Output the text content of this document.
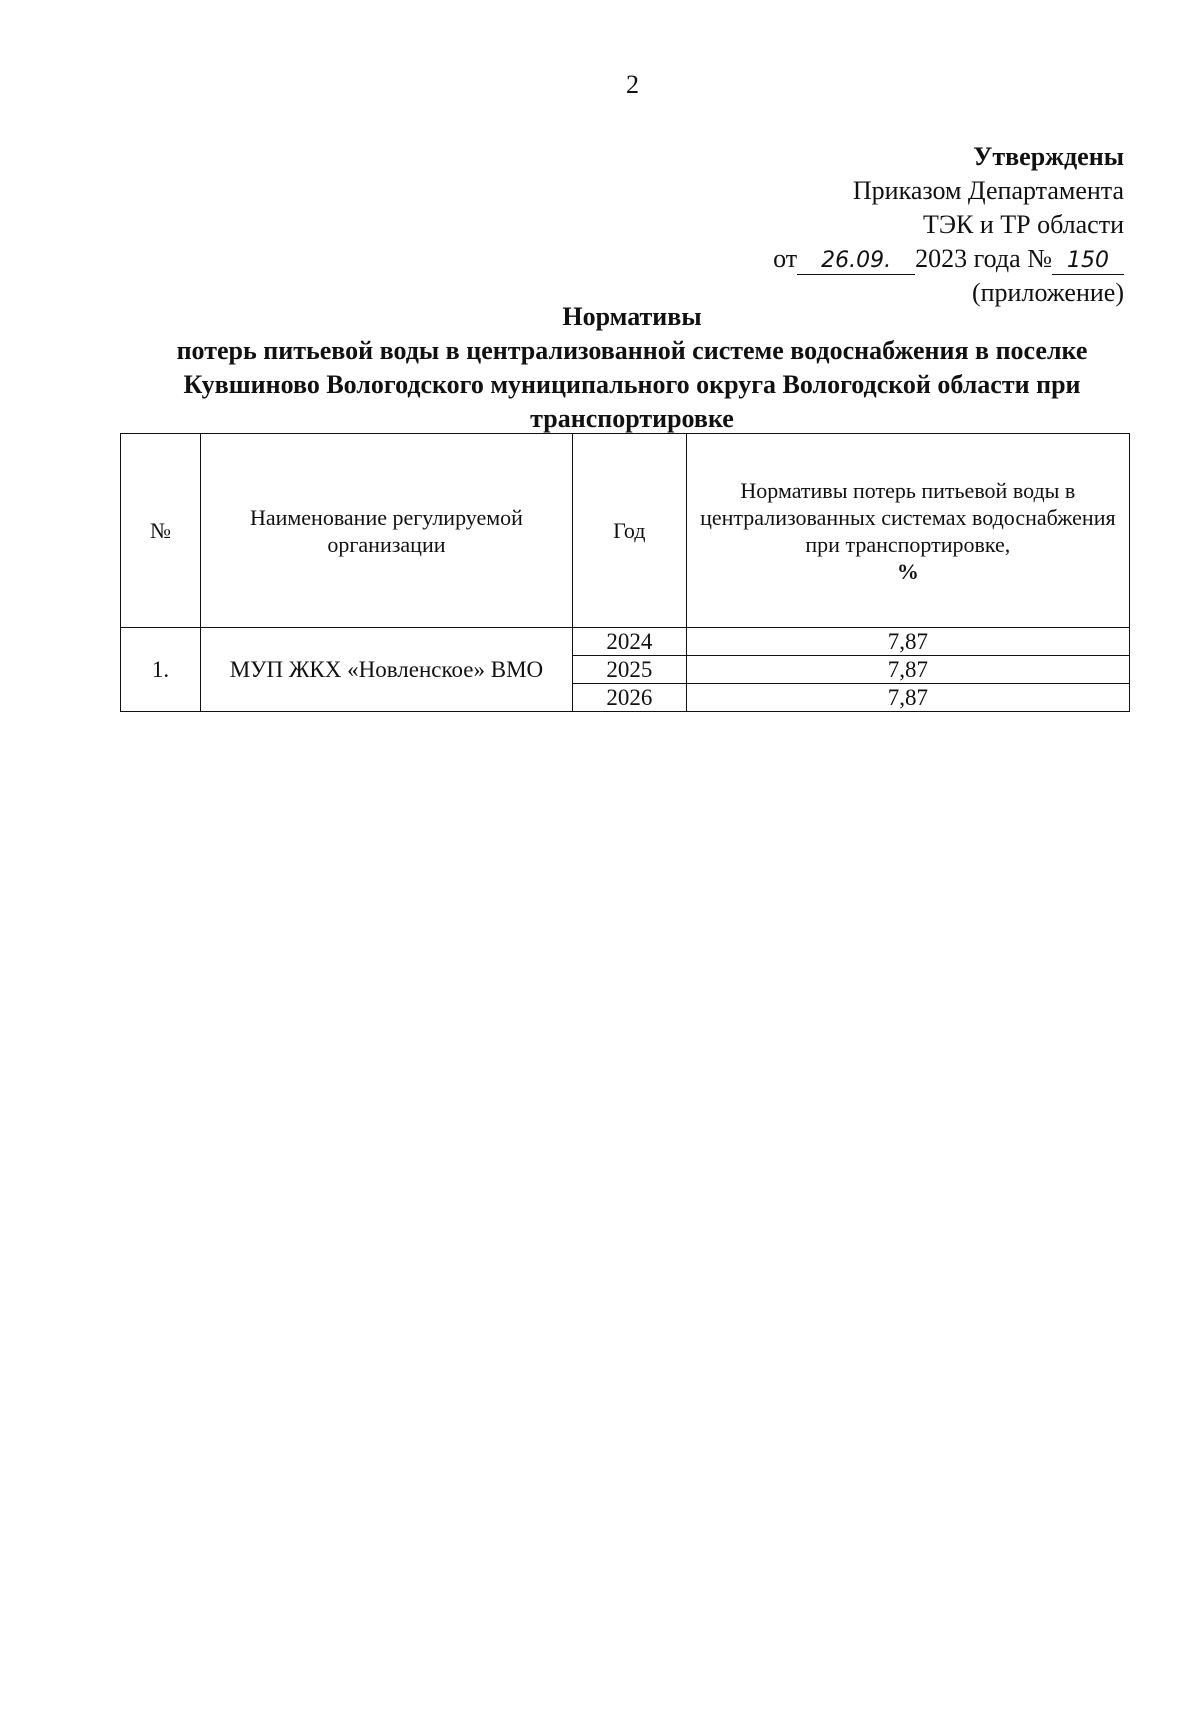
2
Утверждены
Приказом Департамента
ТЭК и ТР области
от 26.09. 2023 года № 150
(приложение)
Нормативы
потерь питьевой воды в централизованной системе водоснабжения в поселке Кувшиново Вологодского муниципального округа Вологодской области при транспортировке
№	Наименование регулируемой организации	Год	Нормативы потерь питьевой воды в централизованных системах водоснабжения при транспортировке,
%
1.	МУП ЖКХ «Новленское» ВМО	2024	7,87
		2025	7,87
		2026	7,87
